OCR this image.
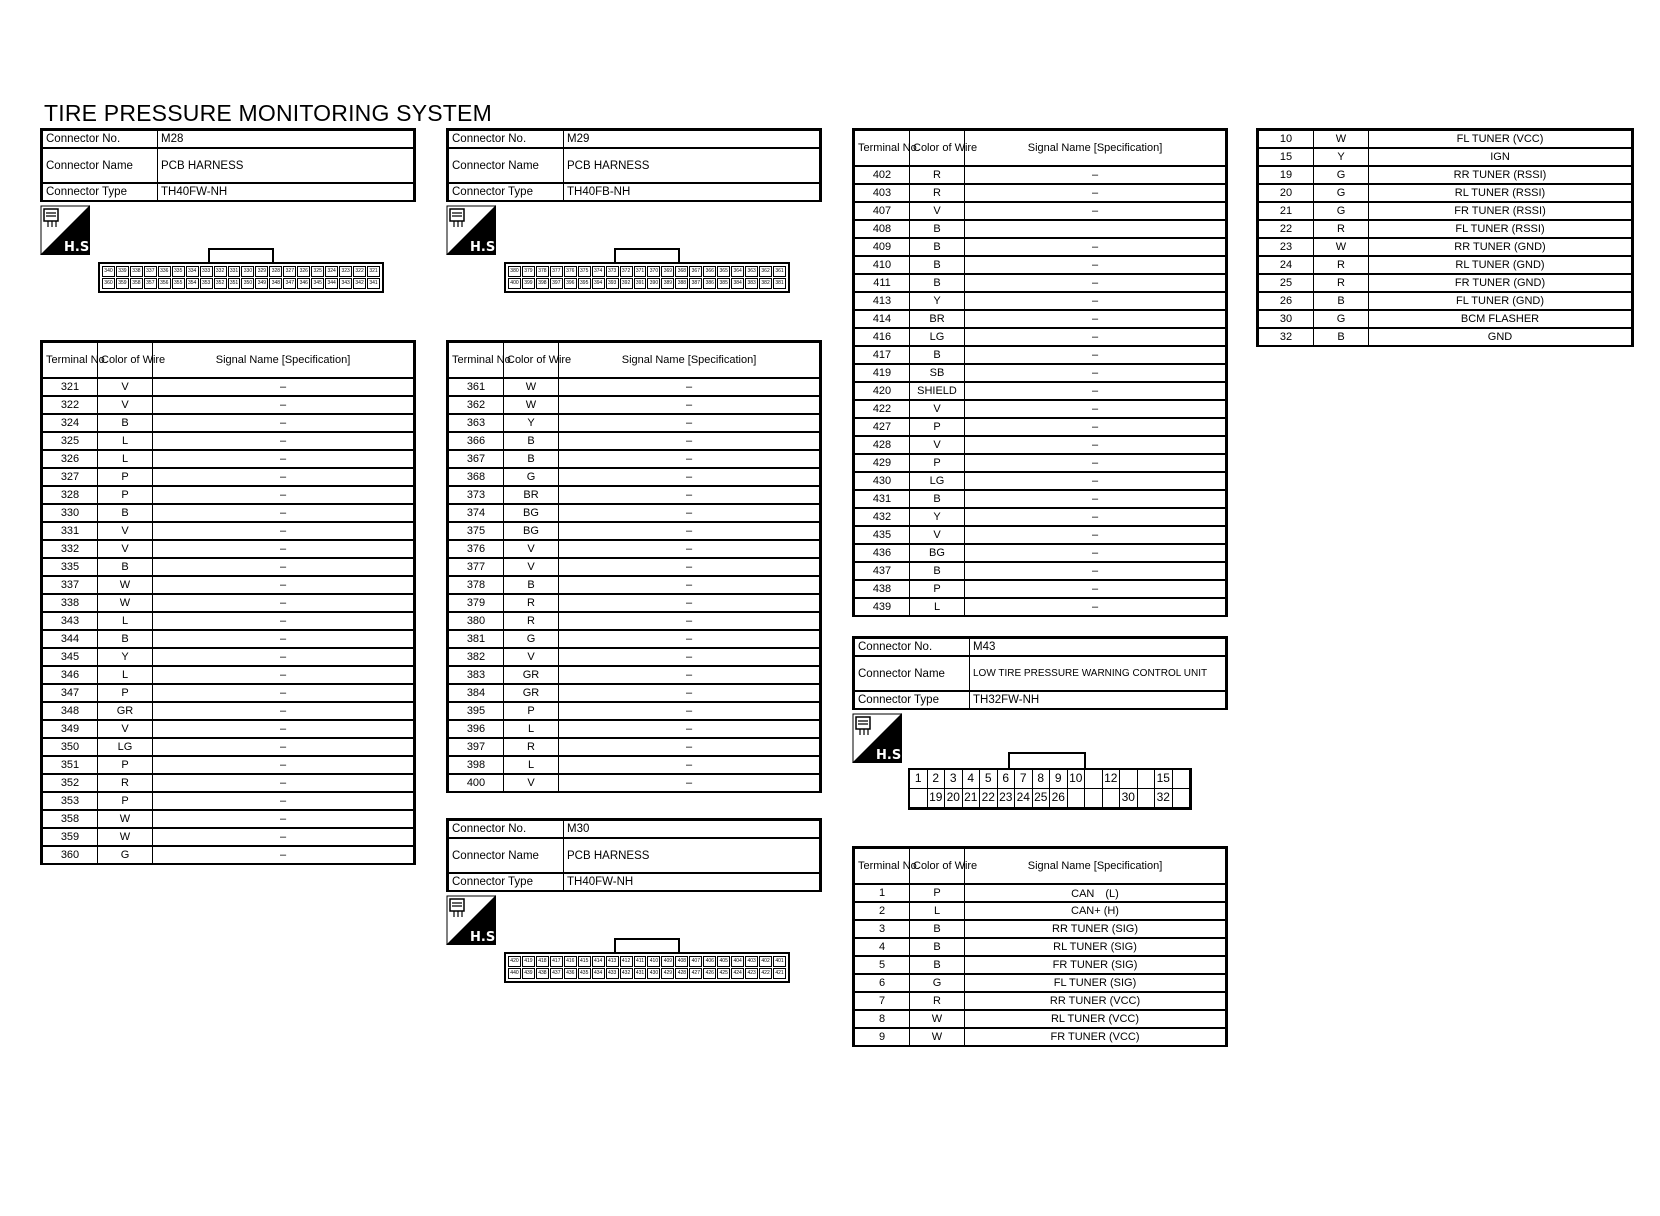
TIRE PRESSURE MONITORING SYSTEM
Connector No.	M28
Connector Name	PCB HARNESS
Connector Type	TH40FW-NH
H.S.
340	339	338	337	336	335	334	333	332	331	330	329	328	327	326	325	324	323	322	321
360	359	358	357	356	355	354	353	352	351	350	349	348	347	346	345	344	343	342	341
Terminal No.	Color of Wire	Signal Name [Specification]
321	V	–
322	V	–
324	B	–
325	L	–
326	L	–
327	P	–
328	P	–
330	B	–
331	V	–
332	V	–
335	B	–
337	W	–
338	W	–
343	L	–
344	B	–
345	Y	–
346	L	–
347	P	–
348	GR	–
349	V	–
350	LG	–
351	P	–
352	R	–
353	P	–
358	W	–
359	W	–
360	G	–
Connector No.	M29
Connector Name	PCB HARNESS
Connector Type	TH40FB-NH
H.S.
380	379	378	377	376	375	374	373	372	371	370	369	368	367	366	365	364	363	362	361
400	399	398	397	396	395	394	393	392	391	390	389	388	387	386	385	384	383	382	381
Terminal No.	Color of Wire	Signal Name [Specification]
361	W	–
362	W	–
363	Y	–
366	B	–
367	B	–
368	G	–
373	BR	–
374	BG	–
375	BG	–
376	V	–
377	V	–
378	B	–
379	R	–
380	R	–
381	G	–
382	V	–
383	GR	–
384	GR	–
395	P	–
396	L	–
397	R	–
398	L	–
400	V	–
Connector No.	M30
Connector Name	PCB HARNESS
Connector Type	TH40FW-NH
H.S.
420	419	418	417	416	415	414	413	412	411	410	409	408	407	406	405	404	403	402	401
440	439	438	437	436	435	434	433	432	431	430	429	428	427	426	425	424	423	422	421
Terminal No.	Color of Wire	Signal Name [Specification]
402	R	–
403	R	–
407	V	–
408	B	
409	B	–
410	B	–
411	B	–
413	Y	–
414	BR	–
416	LG	–
417	B	–
419	SB	–
420	SHIELD	–
422	V	–
427	P	–
428	V	–
429	P	–
430	LG	–
431	B	–
432	Y	–
435	V	–
436	BG	–
437	B	–
438	P	–
439	L	–
Connector No.	M43
Connector Name	LOW TIRE PRESSURE WARNING CONTROL UNIT
Connector Type	TH32FW-NH
H.S.
1 2 3 4 5 6 7 8 9 10 12	15
19 20 21 22 23 24 25 26	30 32
Terminal No.	Color of Wire	Signal Name [Specification]
1	P	CAN　(L)
2	L	CAN+ (H)
3	B	RR TUNER (SIG)
4	B	RL TUNER (SIG)
5	B	FR TUNER (SIG)
6	G	FL TUNER (SIG)
7	R	RR TUNER (VCC)
8	W	RL TUNER (VCC)
9	W	FR TUNER (VCC)
10	W	FL TUNER (VCC)
15	Y	IGN
19	G	RR TUNER (RSSI)
20	G	RL TUNER (RSSI)
21	G	FR TUNER (RSSI)
22	R	FL TUNER (RSSI)
23	W	RR TUNER (GND)
24	R	RL TUNER (GND)
25	R	FR TUNER (GND)
26	B	FL TUNER (GND)
30	G	BCM FLASHER
32	B	GND
